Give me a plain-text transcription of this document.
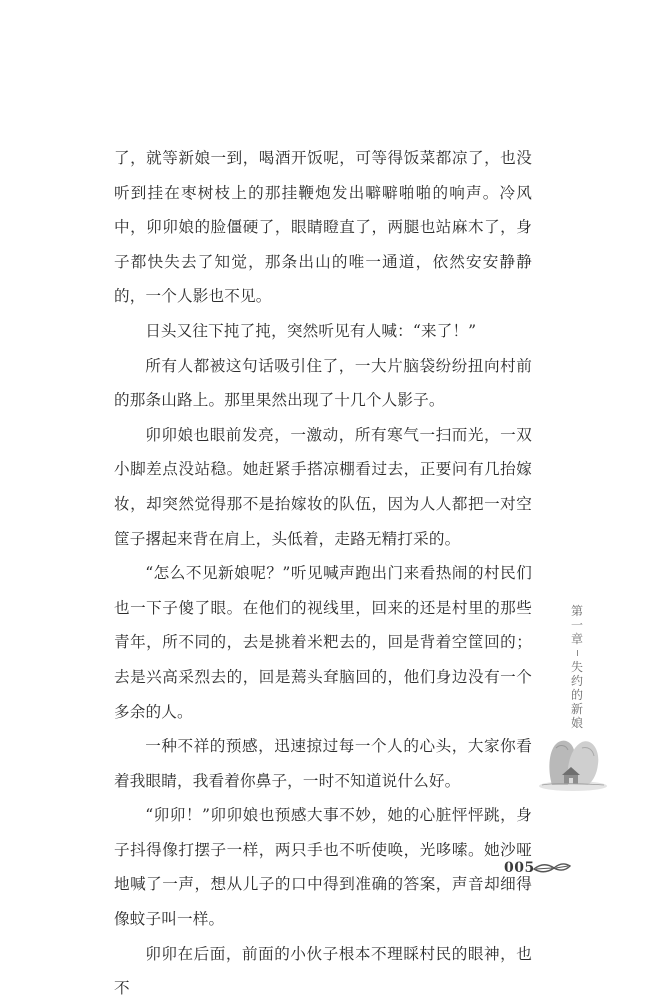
了，就等新娘一到，喝酒开饭呢，可等得饭菜都凉了，也没听到挂在枣树枝上的那挂鞭炮发出噼噼啪啪的响声。冷风中，卯卯娘的脸僵硬了，眼睛瞪直了，两腿也站麻木了，身子都快失去了知觉，那条出山的唯一通道，依然安安静静的，一个人影也不见。

日头又往下扽了扽，突然听见有人喊：“来了！”

所有人都被这句话吸引住了，一大片脑袋纷纷扭向村前的那条山路上。那里果然出现了十几个人影子。

卯卯娘也眼前发亮，一激动，所有寒气一扫而光，一双小脚差点没站稳。她赶紧手搭凉棚看过去，正要问有几抬嫁妆，却突然觉得那不是抬嫁妆的队伍，因为人人都把一对空筐子撂起来背在肩上，头低着，走路无精打采的。

“怎么不见新娘呢？”听见喊声跑出门来看热闹的村民们也一下子傻了眼。在他们的视线里，回来的还是村里的那些青年，所不同的，去是挑着米粑去的，回是背着空筐回的；去是兴高采烈去的，回是蔫头耷脑回的，他们身边没有一个多余的人。

一种不祥的预感，迅速掠过每一个人的心头，大家你看着我眼睛，我看着你鼻子，一时不知道说什么好。

“卯卯！”卯卯娘也预感大事不妙，她的心脏怦怦跳，身子抖得像打摆子一样，两只手也不听使唤，光哆嗦。她沙哑地喊了一声，想从儿子的口中得到准确的答案，声音却细得像蚊子叫一样。

卯卯在后面，前面的小伙子根本不理睬村民的眼神，也不

第
一
章
失
约
的
新
娘
005
